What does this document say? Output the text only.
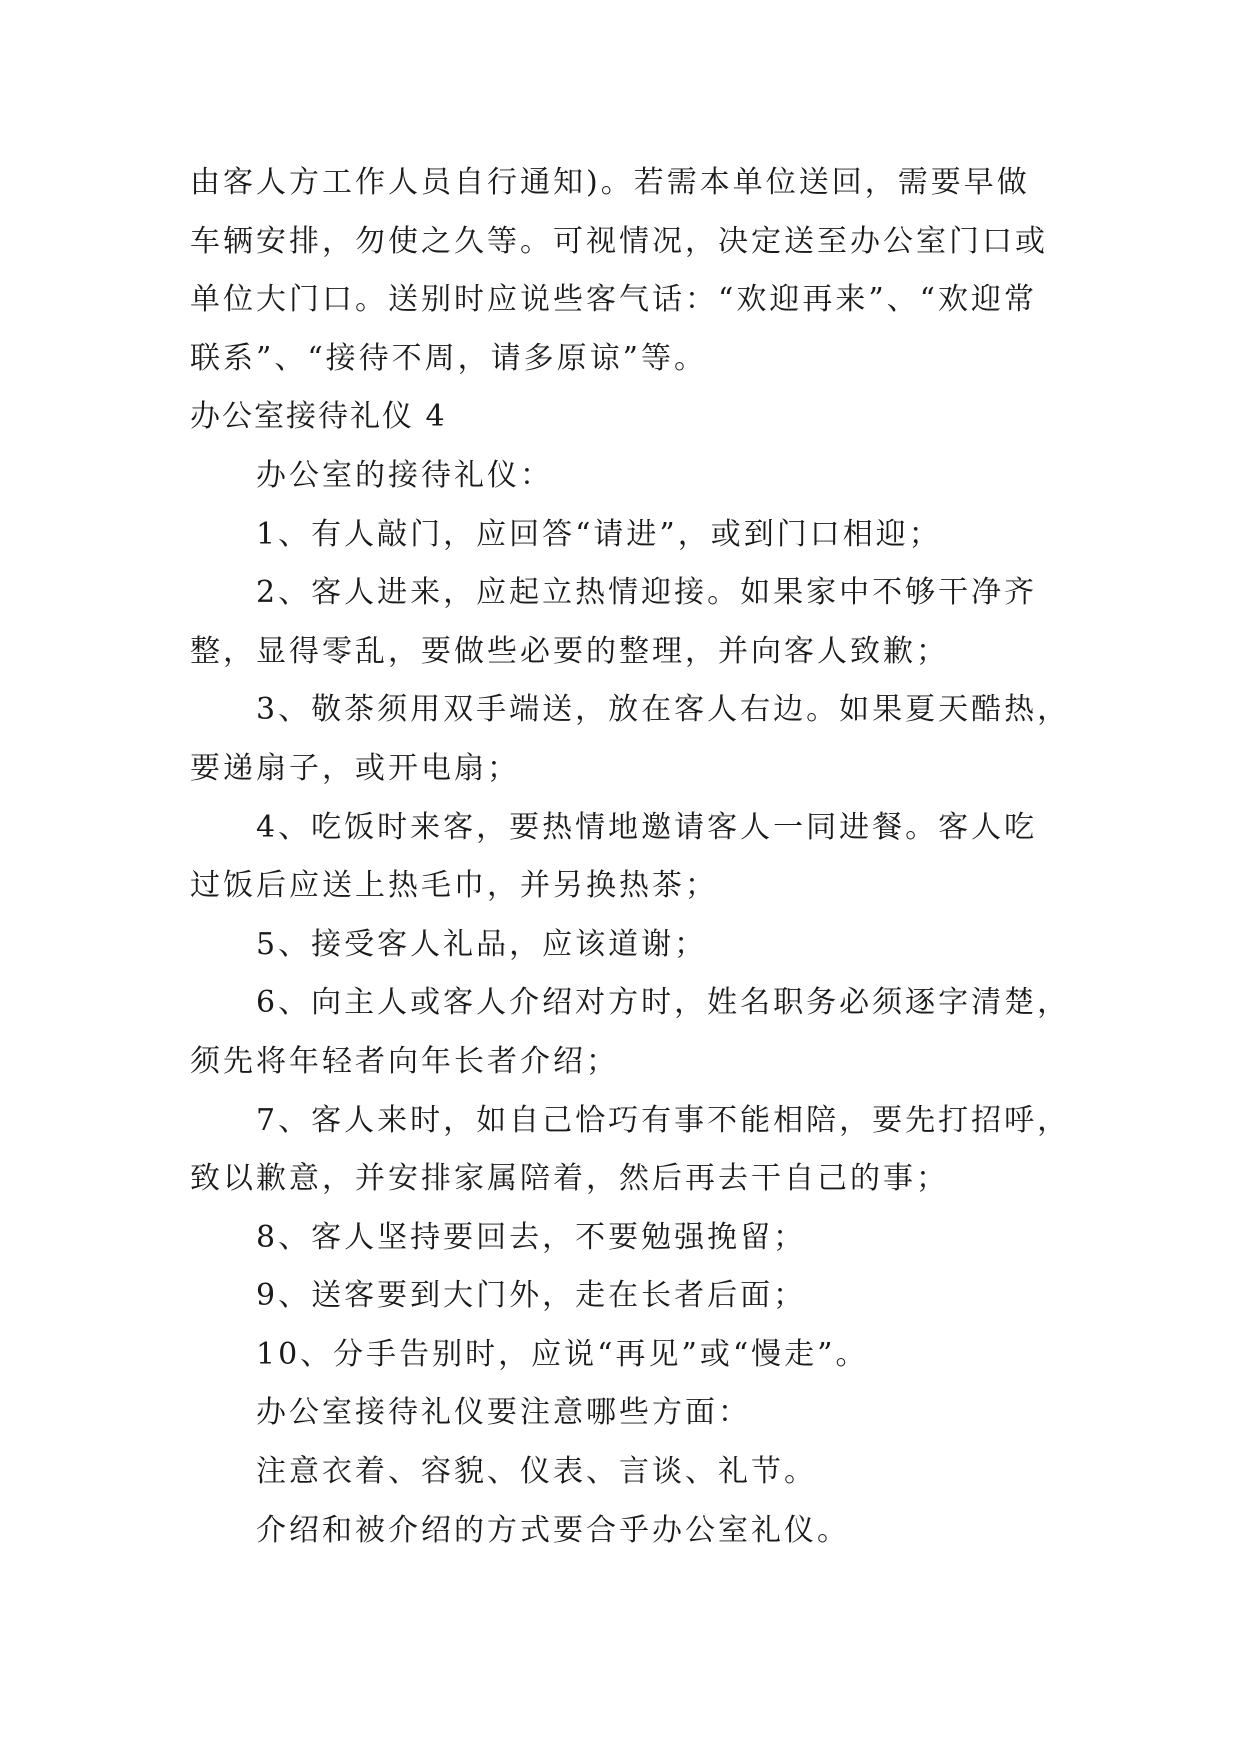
由客人方工作人员自行通知)。若需本单位送回，需要早做
车辆安排，勿使之久等。可视情况，决定送至办公室门口或
单位大门口。送别时应说些客气话：“欢迎再来”、“欢迎常
联系”、“接待不周，请多原谅”等。
办公室接待礼仪 4
办公室的接待礼仪：
1、有人敲门，应回答“请进”，或到门口相迎；
2、客人进来，应起立热情迎接。如果家中不够干净齐
整，显得零乱，要做些必要的整理，并向客人致歉；
3、敬茶须用双手端送，放在客人右边。如果夏天酷热，
要递扇子，或开电扇；
4、吃饭时来客，要热情地邀请客人一同进餐。客人吃
过饭后应送上热毛巾，并另换热茶；
5、接受客人礼品，应该道谢；
6、向主人或客人介绍对方时，姓名职务必须逐字清楚，
须先将年轻者向年长者介绍；
7、客人来时，如自己恰巧有事不能相陪，要先打招呼，
致以歉意，并安排家属陪着，然后再去干自己的事；
8、客人坚持要回去，不要勉强挽留；
9、送客要到大门外，走在长者后面；
10、分手告别时，应说“再见”或“慢走”。
办公室接待礼仪要注意哪些方面：
注意衣着、容貌、仪表、言谈、礼节。
介绍和被介绍的方式要合乎办公室礼仪。
